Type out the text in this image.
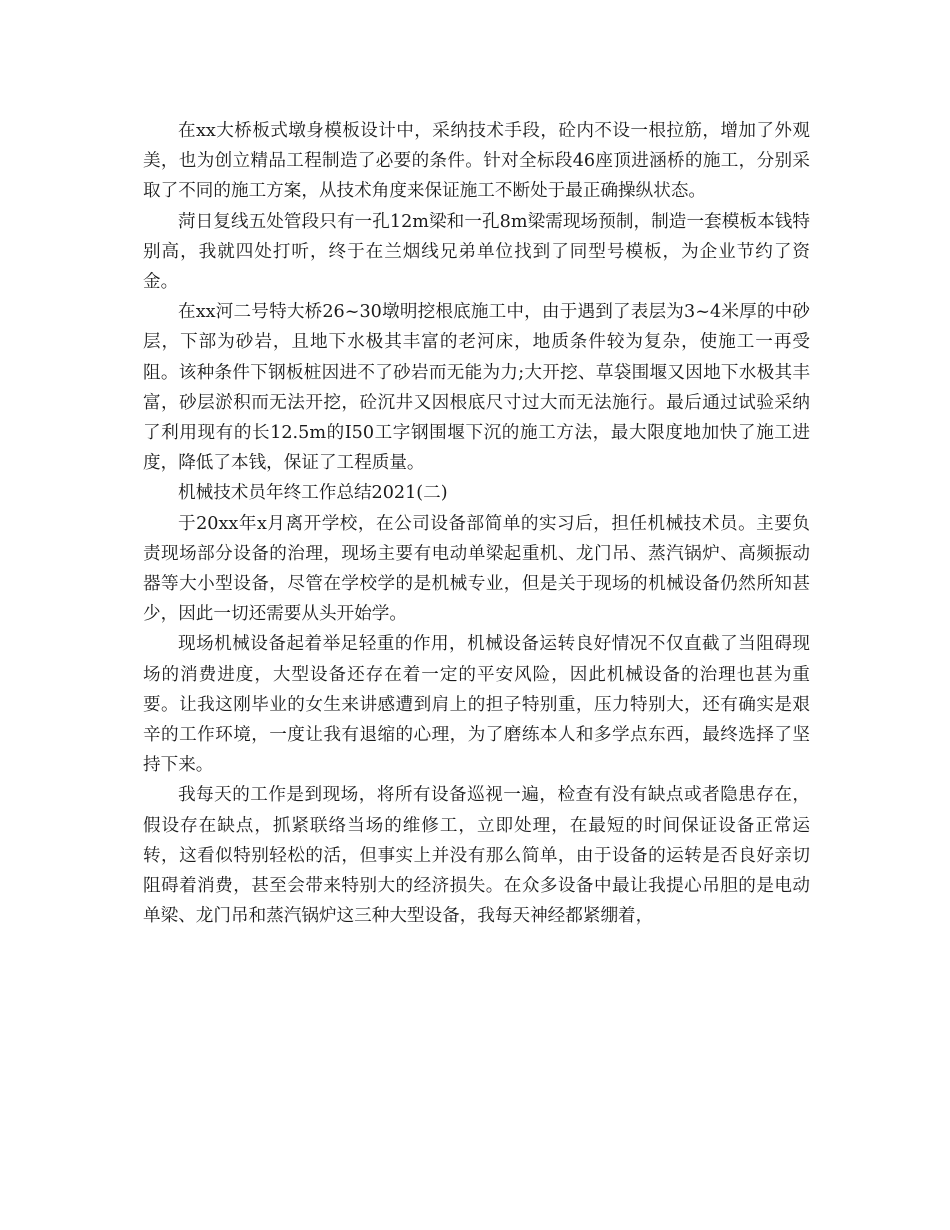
在xx大桥板式墩身模板设计中，采纳技术手段，砼内不设一根拉筋，增加了外观美，也为创立精品工程制造了必要的条件。针对全标段46座顶进涵桥的施工，分别采取了不同的施工方案，从技术角度来保证施工不断处于最正确操纵状态。

菏日复线五处管段只有一孔12m梁和一孔8m梁需现场预制，制造一套模板本钱特别高，我就四处打听，终于在兰烟线兄弟单位找到了同型号模板，为企业节约了资金。

在xx河二号特大桥26~30墩明挖根底施工中，由于遇到了表层为3~4米厚的中砂层，下部为砂岩，且地下水极其丰富的老河床，地质条件较为复杂，使施工一再受阻。该种条件下钢板桩因进不了砂岩而无能为力;大开挖、草袋围堰又因地下水极其丰富，砂层淤积而无法开挖，砼沉井又因根底尺寸过大而无法施行。最后通过试验采纳了利用现有的长12.5m的I50工字钢围堰下沉的施工方法，最大限度地加快了施工进度，降低了本钱，保证了工程质量。

机械技术员年终工作总结2021(二)

于20xx年x月离开学校，在公司设备部简单的实习后，担任机械技术员。主要负责现场部分设备的治理，现场主要有电动单梁起重机、龙门吊、蒸汽锅炉、高频振动器等大小型设备，尽管在学校学的是机械专业，但是关于现场的机械设备仍然所知甚少，因此一切还需要从头开始学。

现场机械设备起着举足轻重的作用，机械设备运转良好情况不仅直截了当阻碍现场的消费进度，大型设备还存在着一定的平安风险，因此机械设备的治理也甚为重要。让我这刚毕业的女生来讲感遭到肩上的担子特别重，压力特别大，还有确实是艰辛的工作环境，一度让我有退缩的心理，为了磨练本人和多学点东西，最终选择了坚持下来。

我每天的工作是到现场，将所有设备巡视一遍，检查有没有缺点或者隐患存在，假设存在缺点，抓紧联络当场的维修工，立即处理，在最短的时间保证设备正常运转，这看似特别轻松的活，但事实上并没有那么简单，由于设备的运转是否良好亲切阻碍着消费，甚至会带来特别大的经济损失。在众多设备中最让我提心吊胆的是电动单梁、龙门吊和蒸汽锅炉这三种大型设备，我每天神经都紧绷着，
